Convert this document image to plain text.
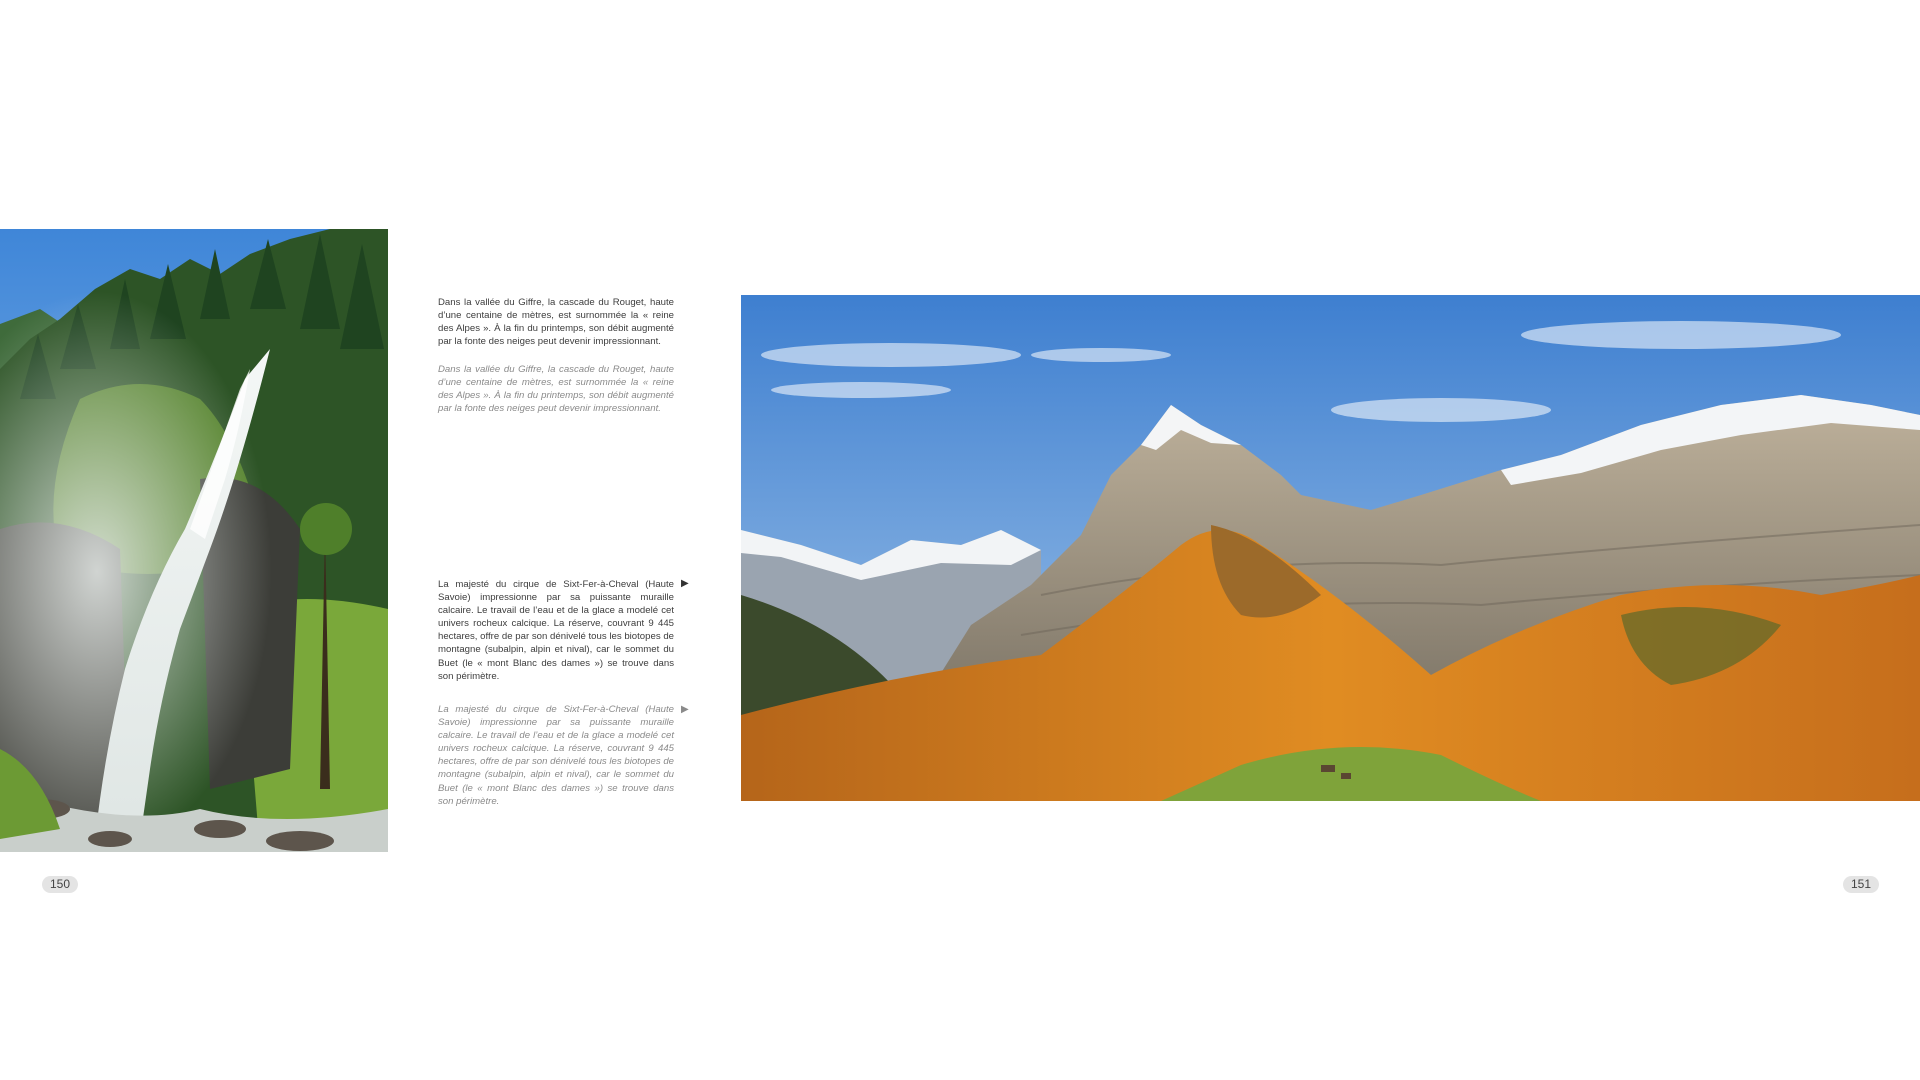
Dans la vallée du Giffre, la cascade du Rouget, haute d’une centaine de mètres, est surnommée la « reine des Alpes ». À la fin du printemps, son débit augmenté par la fonte des neiges peut devenir impressionnant.
Dans la vallée du Giffre, la cascade du Rouget, haute d’une centaine de mètres, est surnommée la « reine des Alpes ». À la fin du printemps, son débit augmenté par la fonte des neiges peut devenir impressionnant.
La majesté du cirque de Sixt-Fer-à-Cheval (Haute Savoie) impressionne par sa puissante muraille calcaire. Le travail de l’eau et de la glace a modelé cet univers rocheux calcique. La réserve, couvrant 9 445 hectares, offre de par son dénivelé tous les biotopes de montagne (subalpin, alpin et nival), car le sommet du Buet (le « mont Blanc des dames ») se trouve dans son périmètre.
▶
La majesté du cirque de Sixt-Fer-à-Cheval (Haute Savoie) impressionne par sa puissante muraille calcaire. Le travail de l’eau et de la glace a modelé cet univers rocheux calcique. La réserve, couvrant 9 445 hectares, offre de par son dénivelé tous les biotopes de montagne (subalpin, alpin et nival), car le sommet du Buet (le « mont Blanc des dames ») se trouve dans son périmètre.
▶
150	151
